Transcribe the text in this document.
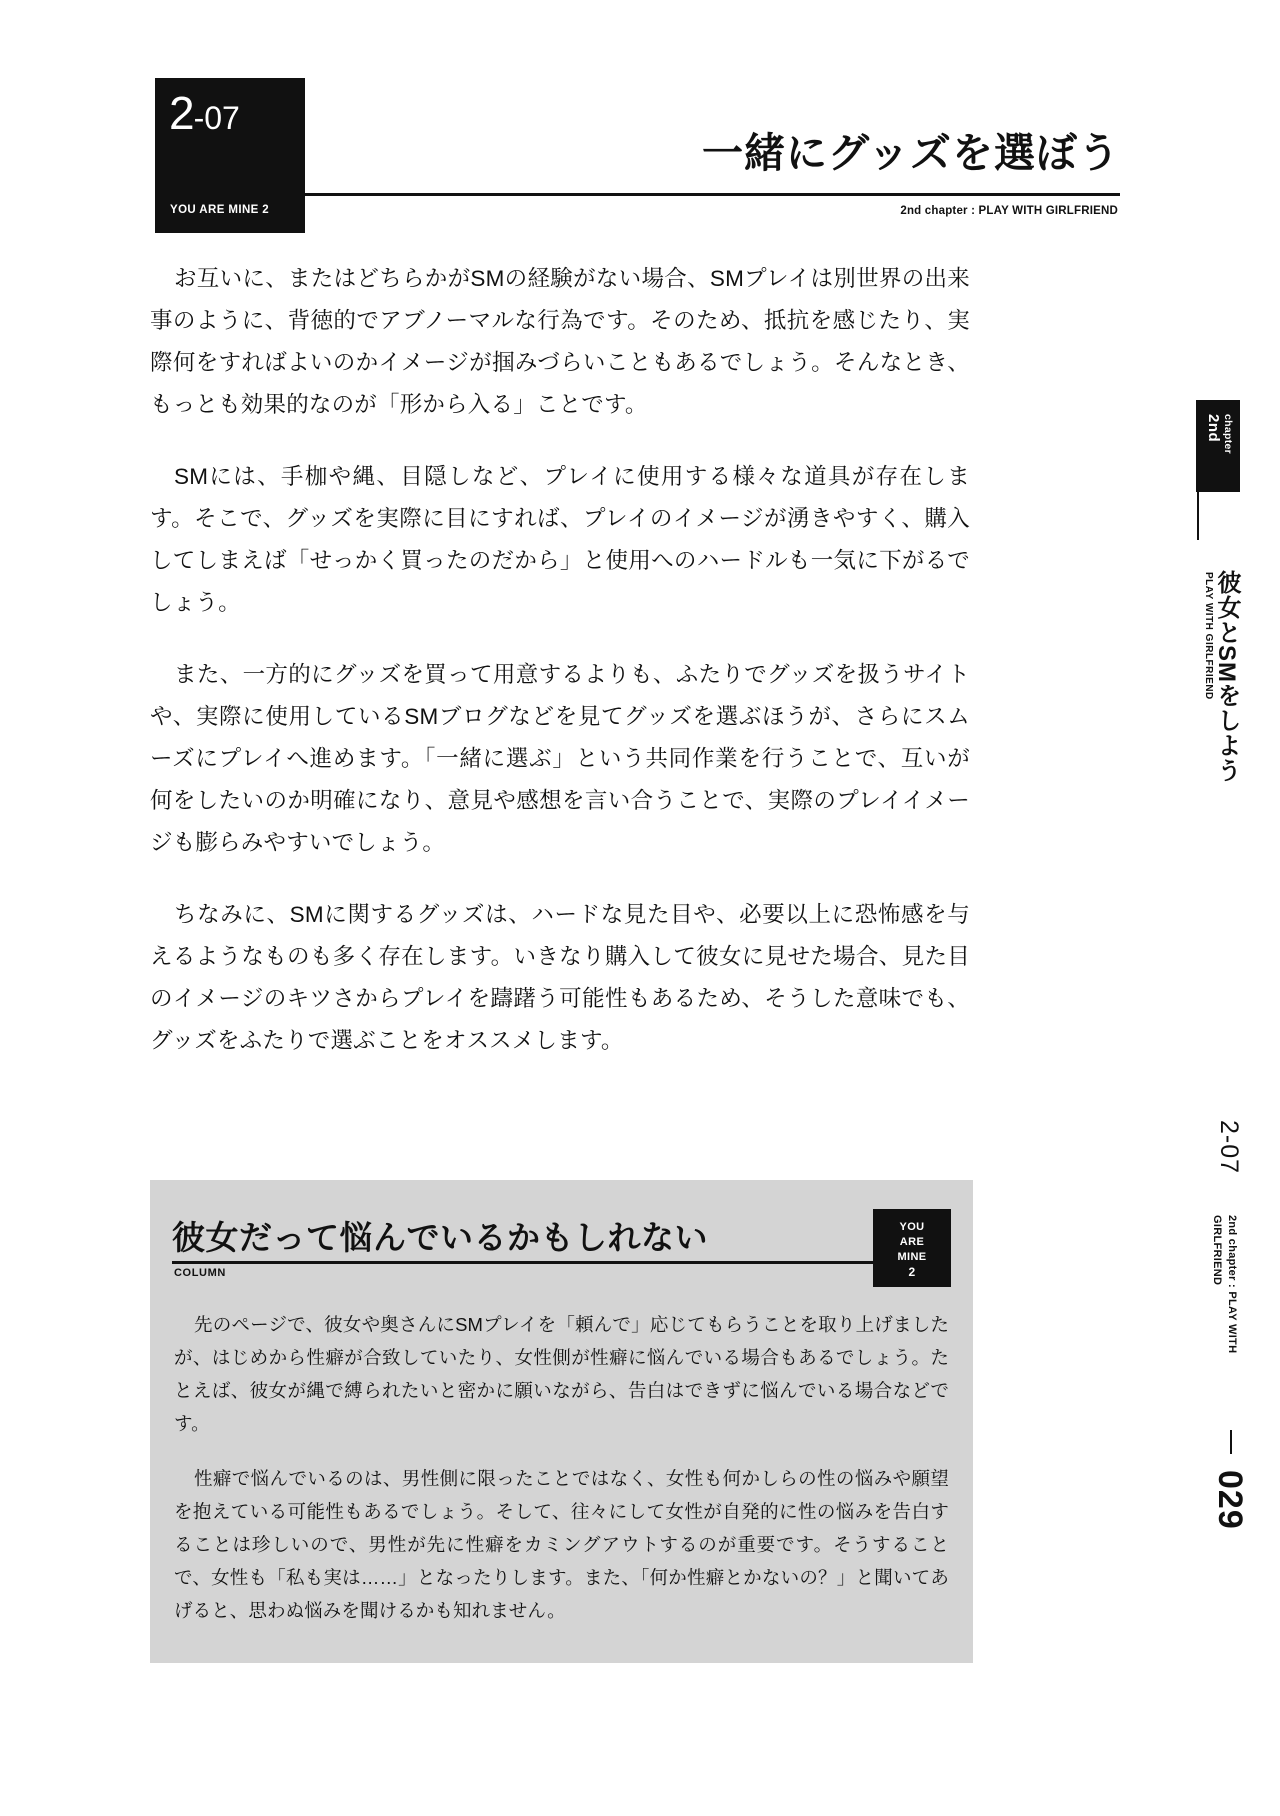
2-07
YOU ARE MINE 2
一緒にグッズを選ぼう
2nd chapter : PLAY WITH GIRLFRIEND

お互いに、またはどちらかがSMの経験がない場合、SMプレイは別世界の出来事のように、背徳的でアブノーマルな行為です。そのため、抵抗を感じたり、実際何をすればよいのかイメージが掴みづらいこともあるでしょう。そんなとき、もっとも効果的なのが「形から入る」ことです。

SMには、手枷や縄、目隠しなど、プレイに使用する様々な道具が存在します。そこで、グッズを実際に目にすれば、プレイのイメージが湧きやすく、購入してしまえば「せっかく買ったのだから」と使用へのハードルも一気に下がるでしょう。

また、一方的にグッズを買って用意するよりも、ふたりでグッズを扱うサイトや、実際に使用しているSMブログなどを見てグッズを選ぶほうが、さらにスムーズにプレイへ進めます。「一緒に選ぶ」という共同作業を行うことで、互いが何をしたいのか明確になり、意見や感想を言い合うことで、実際のプレイイメージも膨らみやすいでしょう。

ちなみに、SMに関するグッズは、ハードな見た目や、必要以上に恐怖感を与えるようなものも多く存在します。いきなり購入して彼女に見せた場合、見た目のイメージのキツさからプレイを躊躇う可能性もあるため、そうした意味でも、グッズをふたりで選ぶことをオススメします。

彼女だって悩んでいるかもしれない
COLUMN
YOU
ARE
MINE
2

先のページで、彼女や奥さんにSMプレイを「頼んで」応じてもらうことを取り上げましたが、はじめから性癖が合致していたり、女性側が性癖に悩んでいる場合もあるでしょう。たとえば、彼女が縄で縛られたいと密かに願いながら、告白はできずに悩んでいる場合などです。

性癖で悩んでいるのは、男性側に限ったことではなく、女性も何かしらの性の悩みや願望を抱えている可能性もあるでしょう。そして、往々にして女性が自発的に性の悩みを告白することは珍しいので、男性が先に性癖をカミングアウトするのが重要です。そうすることで、女性も「私も実は……」となったりします。また、「何か性癖とかないの？」と聞いてあげると、思わぬ悩みを聞けるかも知れません。

2nd chapter
彼女とSMをしよう
PLAY WITH GIRLFRIEND
2-07
2nd chapter : PLAY WITH GIRLFRIEND
029
